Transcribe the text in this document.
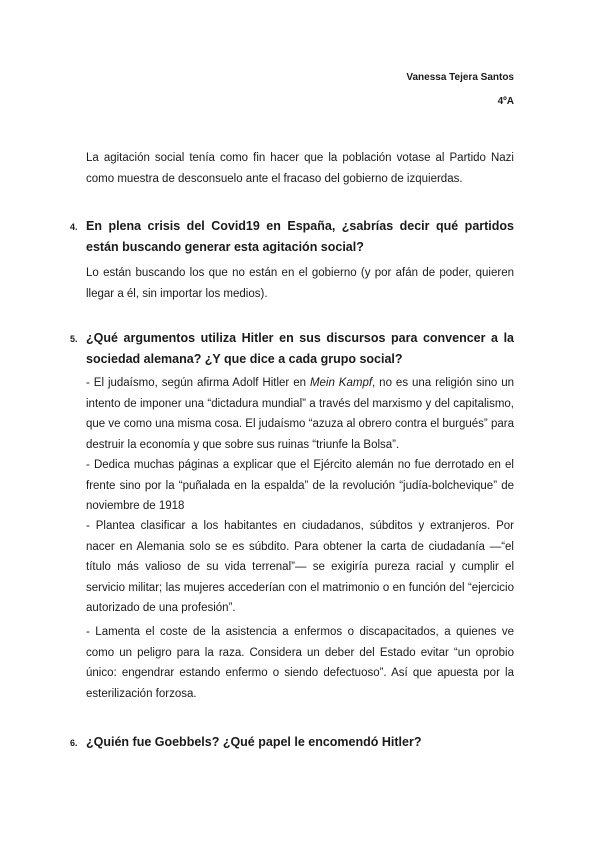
Vanessa Tejera Santos
4ºA

La agitación social tenía como fin hacer que la población votase al Partido Nazi como muestra de desconsuelo ante el fracaso del gobierno de izquierdas.

4. En plena crisis del Covid19 en España, ¿sabrías decir qué partidos están buscando generar esta agitación social?

Lo están buscando los que no están en el gobierno (y por afán de poder, quieren llegar a él, sin importar los medios).

5. ¿Qué argumentos utiliza Hitler en sus discursos para convencer a la sociedad alemana? ¿Y que dice a cada grupo social?

- El judaísmo, según afirma Adolf Hitler en Mein Kampf, no es una religión sino un intento de imponer una “dictadura mundial” a través del marxismo y del capitalismo, que ve como una misma cosa. El judaísmo “azuza al obrero contra el burgués” para destruir la economía y que sobre sus ruinas “triunfe la Bolsa”.

- Dedica muchas páginas a explicar que el Ejército alemán no fue derrotado en el frente sino por la “puñalada en la espalda” de la revolución “judía-bolchevique” de noviembre de 1918

- Plantea clasificar a los habitantes en ciudadanos, súbditos y extranjeros. Por nacer en Alemania solo se es súbdito. Para obtener la carta de ciudadanía —“el título más valioso de su vida terrenal”— se exigiría pureza racial y cumplir el servicio militar; las mujeres accederían con el matrimonio o en función del “ejercicio autorizado de una profesión”.

- Lamenta el coste de la asistencia a enfermos o discapacitados, a quienes ve como un peligro para la raza. Considera un deber del Estado evitar “un oprobio único: engendrar estando enfermo o siendo defectuoso”. Así que apuesta por la esterilización forzosa.

6. ¿Quién fue Goebbels? ¿Qué papel le encomendó Hitler?
